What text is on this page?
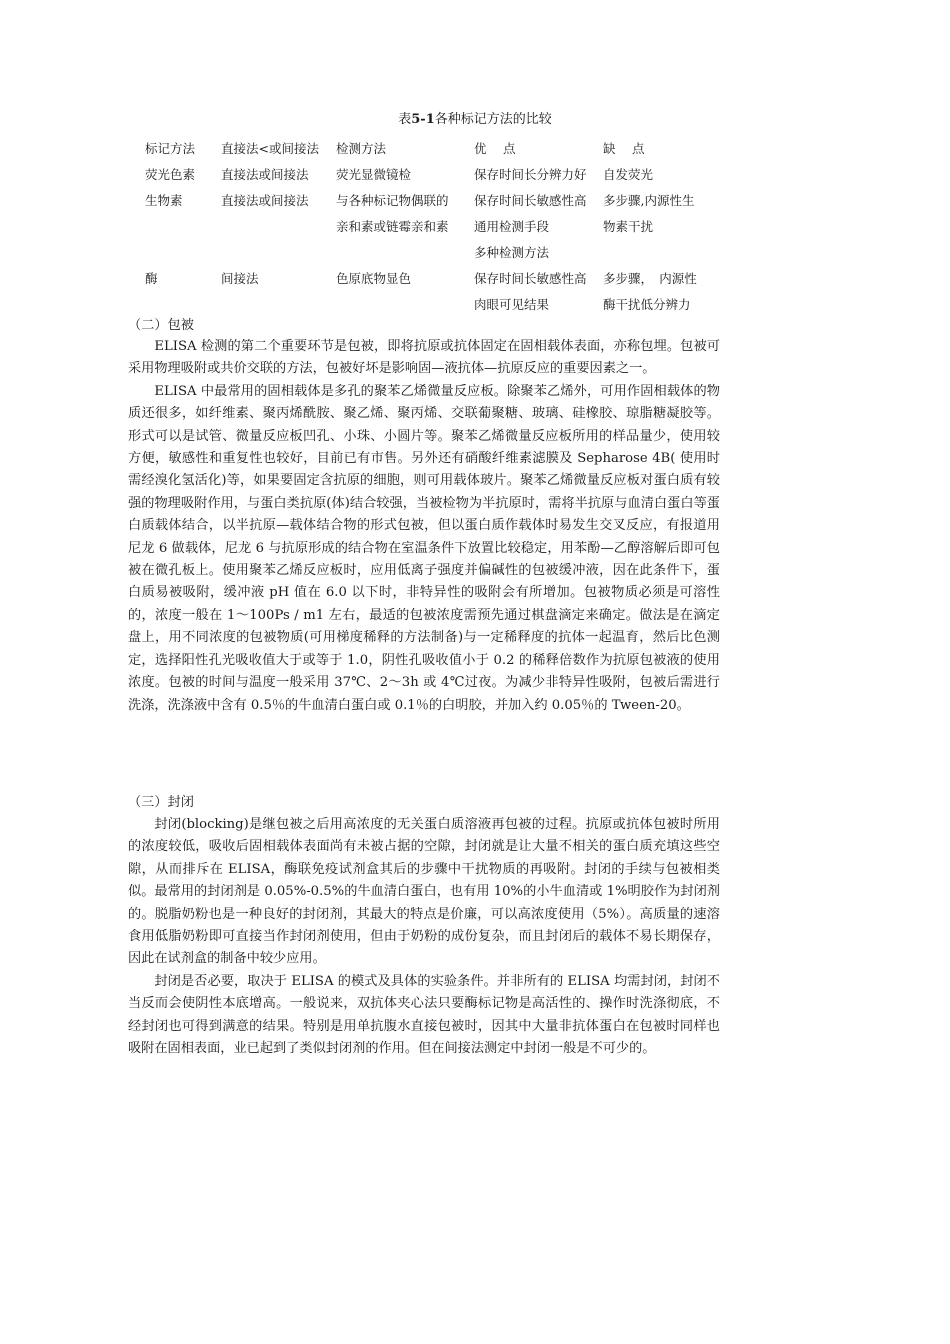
表5-1各种标记方法的比较
标记方法	直接法<或间接法	检测方法	优　 点	缺　 点
荧光色素	直接法或间接法	荧光显微镜检	保存时间长分辨力好	自发荧光
生物素	直接法或间接法	与各种标记物偶联的	保存时间长敏感性高	多步骤,内源性生
		亲和素或链霉亲和素	通用检测手段	物素干扰
			多种检测方法	
酶	间接法	色原底物显色	保存时间长敏感性高	多步骤，　内源性
			肉眼可见结果	酶干扰低分辨力
（二）包被

ELISA 检测的第二个重要环节是包被，即将抗原或抗体固定在固相载体表面，亦称包埋。包被可采用物理吸附或共价交联的方法，包被好坏是影响固—液抗体—抗原反应的重要因素之一。

ELISA 中最常用的固相载体是多孔的聚苯乙烯微量反应板。除聚苯乙烯外，可用作固相载体的物质还很多，如纤维素、聚丙烯酰胺、聚乙烯、聚丙烯、交联葡聚糖、玻璃、硅橡胶、琼脂糖凝胶等。形式可以是试管、微量反应板凹孔、小珠、小圆片等。聚苯乙烯微量反应板所用的样品量少，使用较方便，敏感性和重复性也较好，目前已有市售。另外还有硝酸纤维素滤膜及 Sepharose 4B( 使用时需经溴化氢活化)等，如果要固定含抗原的细胞，则可用载体玻片。聚苯乙烯微量反应板对蛋白质有较强的物理吸附作用，与蛋白类抗原(体)结合较强，当被检物为半抗原时，需将半抗原与血清白蛋白等蛋白质载体结合，以半抗原—载体结合物的形式包被，但以蛋白质作载体时易发生交叉反应，有报道用尼龙 6 做载体，尼龙 6 与抗原形成的结合物在室温条件下放置比较稳定，用苯酚—乙醇溶解后即可包被在微孔板上。使用聚苯乙烯反应板时，应用低离子强度并偏碱性的包被缓冲液，因在此条件下，蛋白质易被吸附，缓冲液 pH 值在 6.0 以下时，非特异性的吸附会有所增加。包被物质必须是可溶性的，浓度一般在 1～100Ps / m1 左右，最适的包被浓度需预先通过棋盘滴定来确定。做法是在滴定盘上，用不同浓度的包被物质(可用梯度稀释的方法制备)与一定稀释度的抗体一起温育，然后比色测定，选择阳性孔光吸收值大于或等于 1.0，阴性孔吸收值小于 0.2 的稀释倍数作为抗原包被液的使用浓度。包被的时间与温度一般采用 37℃、2～3h 或 4℃过夜。为减少非特异性吸附，包被后需进行洗涤，洗涤液中含有 0.5％的牛血清白蛋白或 0.1％的白明胶，并加入约 0.05％的 Tween-20。

（三）封闭

封闭(blocking)是继包被之后用高浓度的无关蛋白质溶液再包被的过程。抗原或抗体包被时所用的浓度较低，吸收后固相载体表面尚有未被占据的空隙，封闭就是让大量不相关的蛋白质充填这些空隙，从而排斥在 ELISA，酶联免疫试剂盒其后的步骤中干扰物质的再吸附。封闭的手续与包被相类似。最常用的封闭剂是 0.05%-0.5%的牛血清白蛋白，也有用 10%的小牛血清或 1%明胶作为封闭剂的。脱脂奶粉也是一种良好的封闭剂，其最大的特点是价廉，可以高浓度使用（5%）。高质量的速溶食用低脂奶粉即可直接当作封闭剂使用，但由于奶粉的成份复杂，而且封闭后的载体不易长期保存，因此在试剂盒的制备中较少应用。

封闭是否必要，取决于 ELISA 的模式及具体的实验条件。并非所有的 ELISA 均需封闭，封闭不当反而会使阴性本底增高。一般说来，双抗体夹心法只要酶标记物是高活性的、操作时洗涤彻底，不经封闭也可得到满意的结果。特别是用单抗腹水直接包被时，因其中大量非抗体蛋白在包被时同样也吸附在固相表面，业已起到了类似封闭剂的作用。但在间接法测定中封闭一般是不可少的。
